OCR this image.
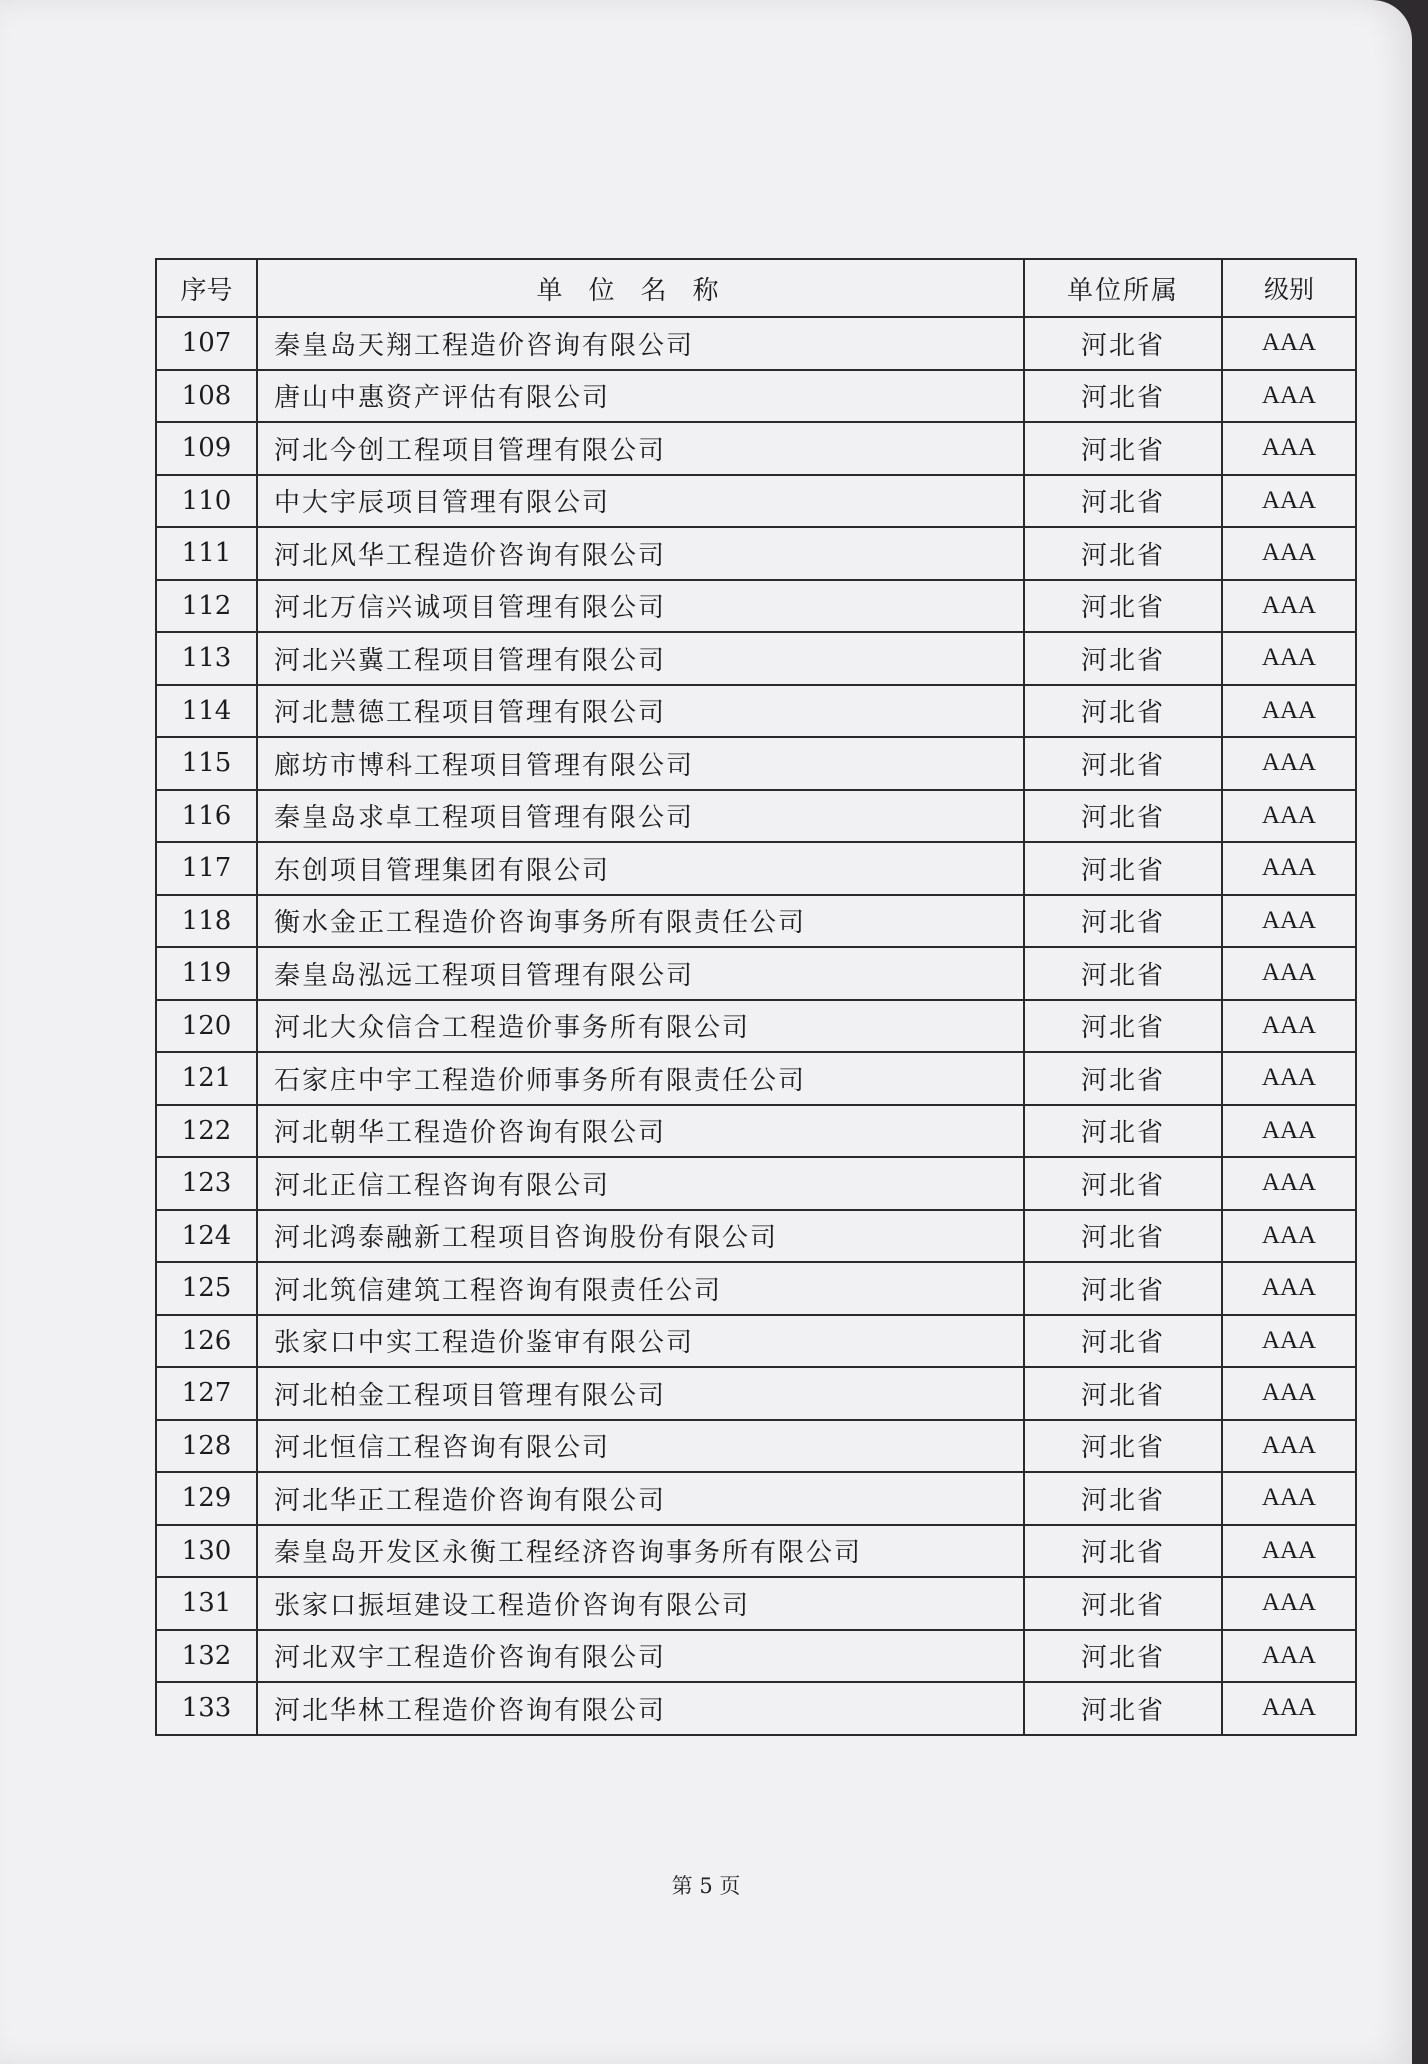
序号	单位名称	单位所属	级别
107	秦皇岛天翔工程造价咨询有限公司	河北省	AAA
108	唐山中惠资产评估有限公司	河北省	AAA
109	河北今创工程项目管理有限公司	河北省	AAA
110	中大宇辰项目管理有限公司	河北省	AAA
111	河北风华工程造价咨询有限公司	河北省	AAA
112	河北万信兴诚项目管理有限公司	河北省	AAA
113	河北兴冀工程项目管理有限公司	河北省	AAA
114	河北慧德工程项目管理有限公司	河北省	AAA
115	廊坊市博科工程项目管理有限公司	河北省	AAA
116	秦皇岛求卓工程项目管理有限公司	河北省	AAA
117	东创项目管理集团有限公司	河北省	AAA
118	衡水金正工程造价咨询事务所有限责任公司	河北省	AAA
119	秦皇岛泓远工程项目管理有限公司	河北省	AAA
120	河北大众信合工程造价事务所有限公司	河北省	AAA
121	石家庄中宇工程造价师事务所有限责任公司	河北省	AAA
122	河北朝华工程造价咨询有限公司	河北省	AAA
123	河北正信工程咨询有限公司	河北省	AAA
124	河北鸿泰融新工程项目咨询股份有限公司	河北省	AAA
125	河北筑信建筑工程咨询有限责任公司	河北省	AAA
126	张家口中实工程造价鉴审有限公司	河北省	AAA
127	河北柏金工程项目管理有限公司	河北省	AAA
128	河北恒信工程咨询有限公司	河北省	AAA
129	河北华正工程造价咨询有限公司	河北省	AAA
130	秦皇岛开发区永衡工程经济咨询事务所有限公司	河北省	AAA
131	张家口振垣建设工程造价咨询有限公司	河北省	AAA
132	河北双宇工程造价咨询有限公司	河北省	AAA
133	河北华林工程造价咨询有限公司	河北省	AAA
第 5 页
